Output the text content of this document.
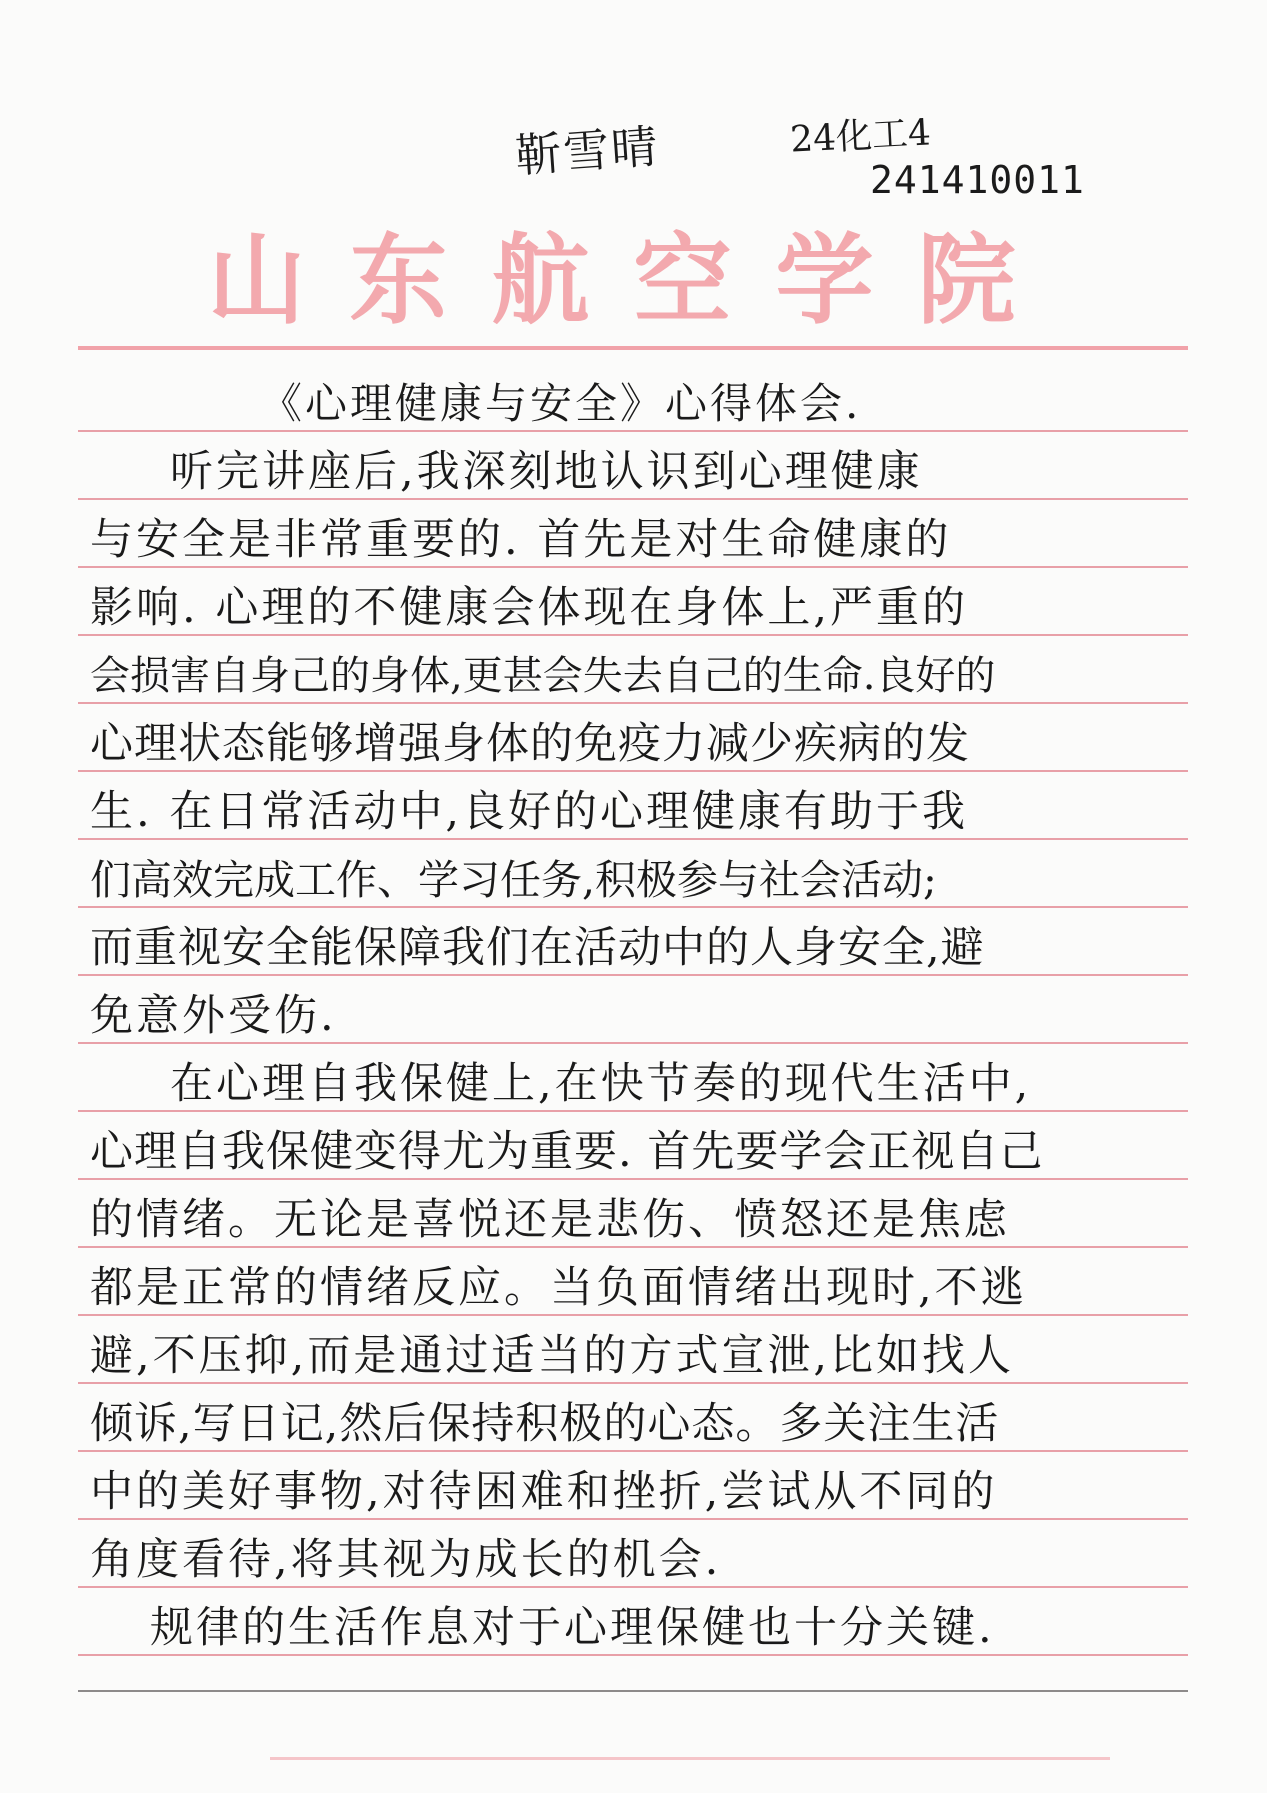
靳雪晴	24化工4
241410011
山东航空学院
《心理健康与安全》心得体会.
听完讲座后,我深刻地认识到心理健康
与安全是非常重要的. 首先是对生命健康的
影响. 心理的不健康会体现在身体上,严重的
会损害自身己的身体,更甚会失去自己的生命.良好的
心理状态能够增强身体的免疫力减少疾病的发
生. 在日常活动中,良好的心理健康有助于我
们高效完成工作、学习任务,积极参与社会活动;
而重视安全能保障我们在活动中的人身安全,避
免意外受伤.
在心理自我保健上,在快节奏的现代生活中,
心理自我保健变得尤为重要. 首先要学会正视自己
的情绪。无论是喜悦还是悲伤、愤怒还是焦虑
都是正常的情绪反应。当负面情绪出现时,不逃
避,不压抑,而是通过适当的方式宣泄,比如找人
倾诉,写日记,然后保持积极的心态。多关注生活
中的美好事物,对待困难和挫折,尝试从不同的
角度看待,将其视为成长的机会.
规律的生活作息对于心理保健也十分关键.
